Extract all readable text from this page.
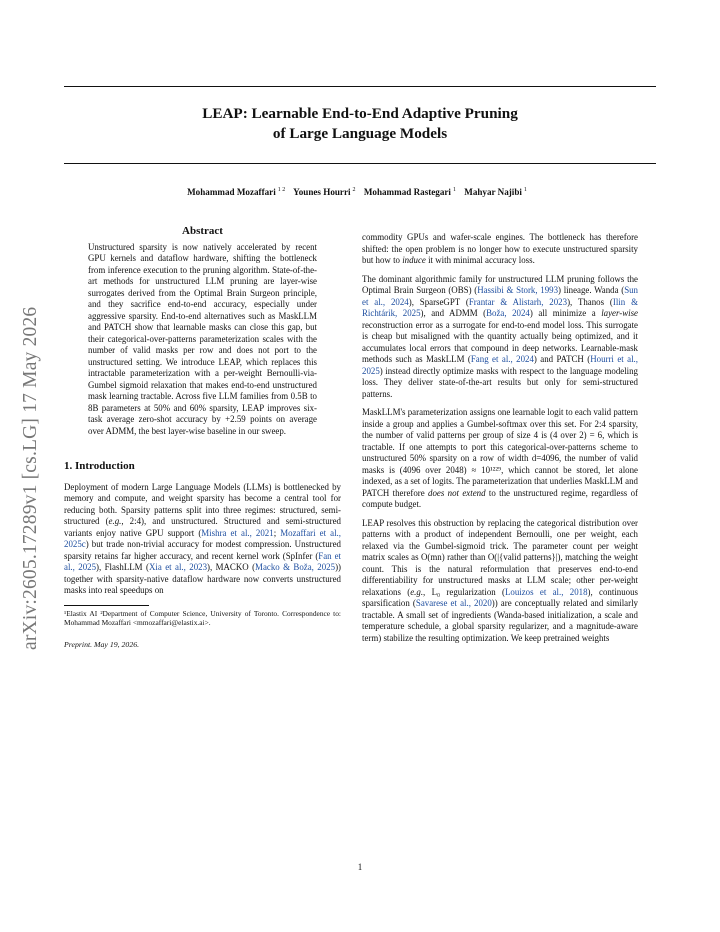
LEAP: Learnable End-to-End Adaptive Pruning
of Large Language Models
Mohammad Mozaffari $^{1 2}$ Younes Hourri $^2$ Mohammad Rastegari $^1$ Mahyar Najibi $^1$
arXiv:2605.17289v1 [cs.LG] 17 May 2026
Abstract
Unstructured sparsity is now natively accelerated by recent GPU kernels and dataflow hardware, shifting the bottleneck from inference execution to the pruning algorithm. State-of-the-art methods for unstructured LLM pruning are layer-wise surrogates derived from the Optimal Brain Surgeon principle, and they sacrifice end-to-end accuracy, especially under aggressive sparsity. End-to-end alternatives such as MaskLLM and PATCH show that learnable masks can close this gap, but their categorical-over-patterns parameterization scales with the number of valid masks per row and does not port to the unstructured setting. We introduce LEAP, which replaces this intractable parameterization with a per-weight Bernoulli-via-Gumbel sigmoid relaxation that makes end-to-end unstructured mask learning tractable. Across five LLM families from 0.5B to 8B parameters at 50% and 60% sparsity, LEAP improves six-task average zero-shot accuracy by +2.59 points on average over ADMM, the best layer-wise baseline in our sweep.
1. Introduction

Deployment of modern Large Language Models (LLMs) is bottlenecked by memory and compute, and weight sparsity has become a central tool for reducing both. Sparsity patterns split into three regimes: structured, semi-structured (e.g., 2:4), and unstructured. Structured and semi-structured variants enjoy native GPU support (Mishra et al., 2021; Mozaffari et al., 2025c) but trade non-trivial accuracy for modest compression. Unstructured sparsity retains far higher accuracy, and recent kernel work (SpInfer (Fan et al., 2025), FlashLLM (Xia et al., 2023), MACKO (Macko & Boža, 2025)) together with sparsity-native dataflow hardware now converts unstructured masks into real speedups on

¹Elastix AI ²Department of Computer Science, University of Toronto. Correspondence to: Mohammad Mozaffari <mmozaffari@elastix.ai>.
Preprint. May 19, 2026.

commodity GPUs and wafer-scale engines. The bottleneck has therefore shifted: the open problem is no longer how to execute unstructured sparsity but how to induce it with minimal accuracy loss.

The dominant algorithmic family for unstructured LLM pruning follows the Optimal Brain Surgeon (OBS) (Hassibi & Stork, 1993) lineage. Wanda (Sun et al., 2024), SparseGPT (Frantar & Alistarh, 2023), Thanos (Ilin & Richtárik, 2025), and ADMM (Boža, 2024) all minimize a layer-wise reconstruction error as a surrogate for end-to-end model loss. This surrogate is cheap but misaligned with the quantity actually being optimized, and it accumulates local errors that compound in deep networks. Learnable-mask methods such as MaskLLM (Fang et al., 2024) and PATCH (Hourri et al., 2025) instead directly optimize masks with respect to the language modeling loss. They deliver state-of-the-art results but only for semi-structured patterns.

MaskLLM's parameterization assigns one learnable logit to each valid pattern inside a group and applies a Gumbel-softmax over this set. For 2:4 sparsity, the number of valid patterns per group of size 4 is (4 over 2) = 6, which is tractable. If one attempts to port this categorical-over-patterns scheme to unstructured 50% sparsity on a row of width d=4096, the number of valid masks is (4096 over 2048) ≈ 10¹²²⁹, which cannot be stored, let alone indexed, as a set of logits. The parameterization that underlies MaskLLM and PATCH therefore does not extend to the unstructured regime, regardless of compute budget.

LEAP resolves this obstruction by replacing the categorical distribution over patterns with a product of independent Bernoulli, one per weight, each relaxed via the Gumbel-sigmoid trick. The parameter count per weight matrix scales as O(mn) rather than O(|{valid patterns}|), matching the weight count. This is the natural reformulation that preserves end-to-end differentiability for unstructured masks at LLM scale; other per-weight relaxations (e.g., L₀ regularization (Louizos et al., 2018), continuous sparsification (Savarese et al., 2020)) are conceptually related and similarly tractable. A small set of ingredients (Wanda-based initialization, a scale and temperature schedule, a global sparsity regularizer, and a magnitude-aware term) stabilize the resulting optimization. We keep pretrained weights

1
